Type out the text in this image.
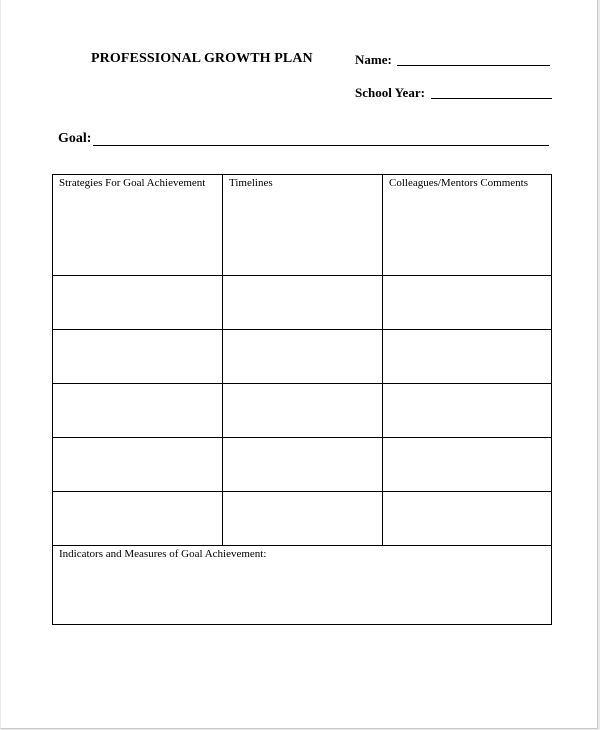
PROFESSIONAL GROWTH PLAN	Name:
School Year:
Goal:
Strategies For Goal Achievement	Timelines	Colleagues/Mentors Comments

Indicators and Measures of Goal Achievement:		
